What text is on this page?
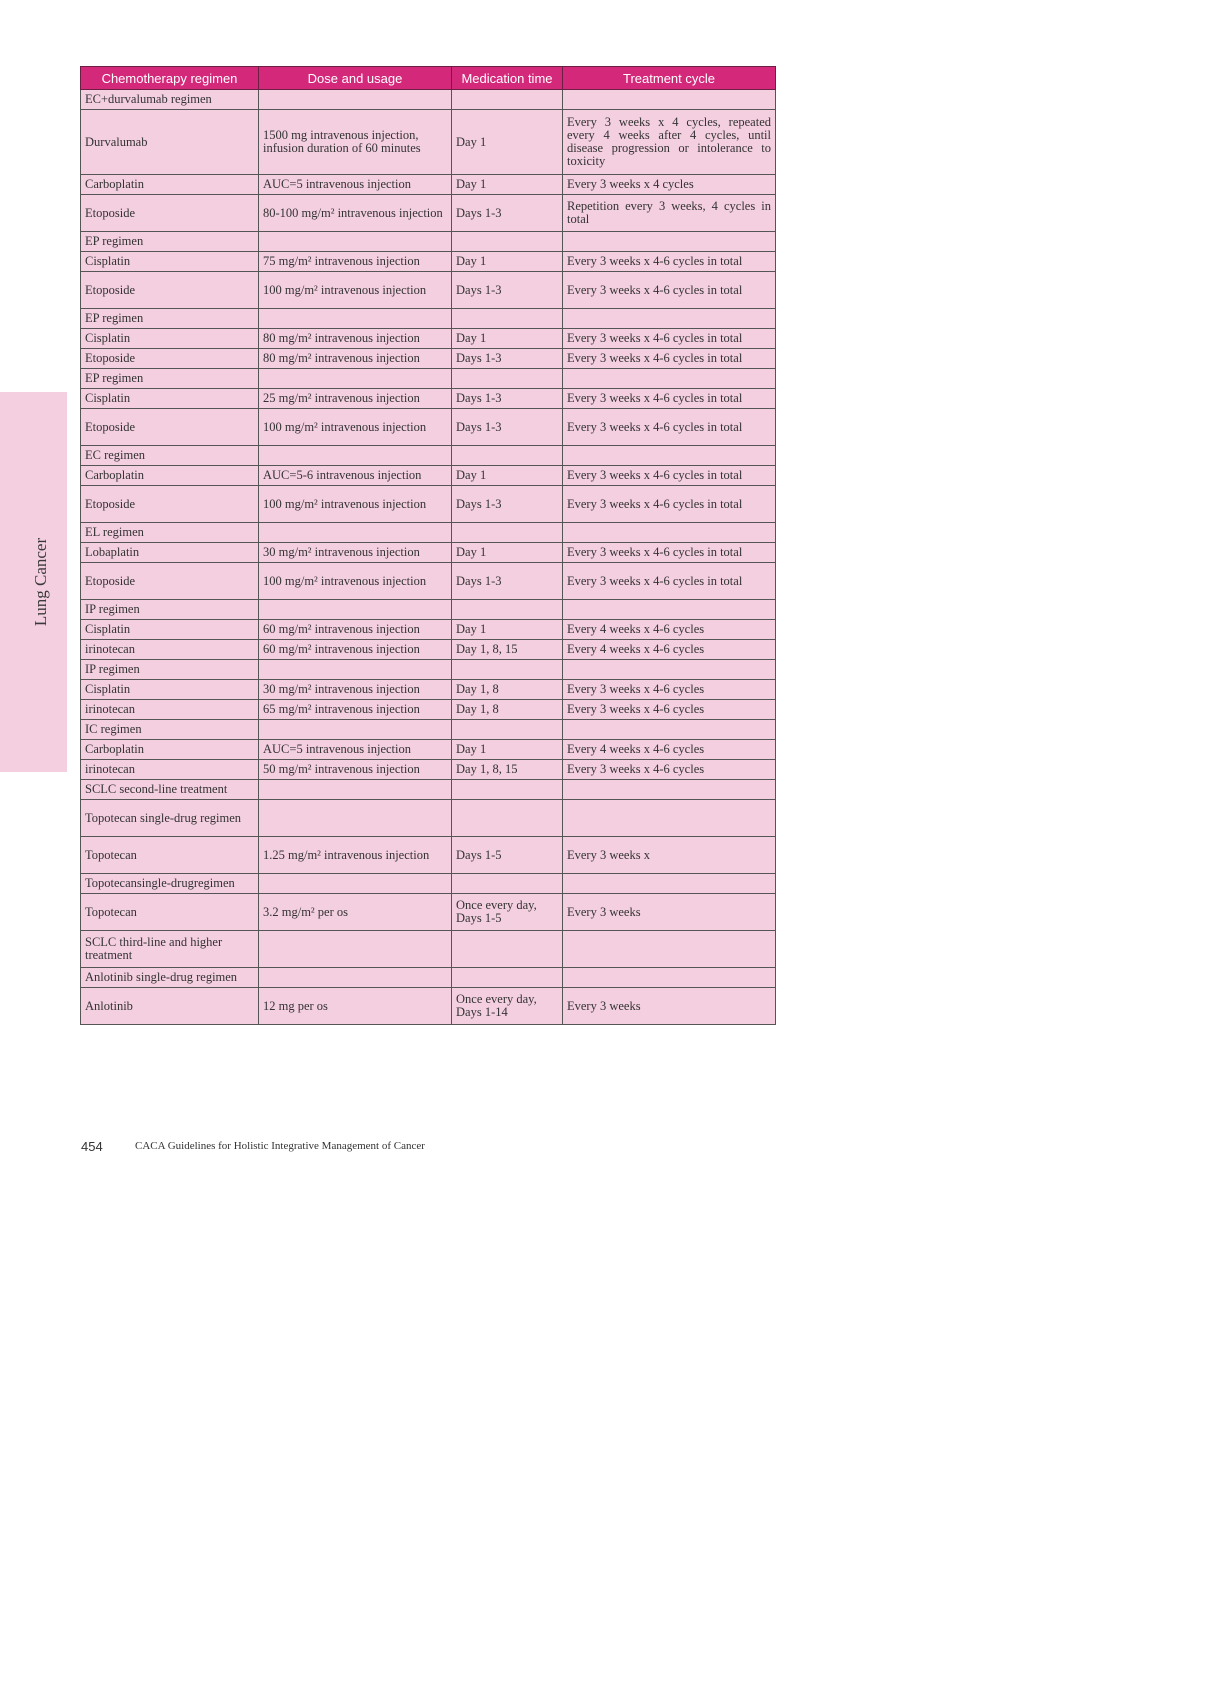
Lung Cancer
Chemotherapy regimen	Dose and usage	Medication time	Treatment cycle
EC+durvalumab regimen			
Durvalumab	1500 mg intravenous injection, infusion duration of 60 minutes	Day 1	Every 3 weeks x 4 cycles, repeated every 4 weeks after 4 cycles, until disease progression or intolerance to toxicity
Carboplatin	AUC=5 intravenous injection	Day 1	Every 3 weeks x 4 cycles
Etoposide	80-100 mg/m² intravenous injection	Days 1-3	Repetition every 3 weeks, 4 cycles in total
EP regimen			
Cisplatin	75 mg/m² intravenous injection	Day 1	Every 3 weeks x 4-6 cycles in total
Etoposide	100 mg/m² intravenous injection	Days 1-3	Every 3 weeks x 4-6 cycles in total
EP regimen			
Cisplatin	80 mg/m² intravenous injection	Day 1	Every 3 weeks x 4-6 cycles in total
Etoposide	80 mg/m² intravenous injection	Days 1-3	Every 3 weeks x 4-6 cycles in total
EP regimen			
Cisplatin	25 mg/m² intravenous injection	Days 1-3	Every 3 weeks x 4-6 cycles in total
Etoposide	100 mg/m² intravenous injection	Days 1-3	Every 3 weeks x 4-6 cycles in total
EC regimen			
Carboplatin	AUC=5-6 intravenous injection	Day 1	Every 3 weeks x 4-6 cycles in total
Etoposide	100 mg/m² intravenous injection	Days 1-3	Every 3 weeks x 4-6 cycles in total
EL regimen			
Lobaplatin	30 mg/m² intravenous injection	Day 1	Every 3 weeks x 4-6 cycles in total
Etoposide	100 mg/m² intravenous injection	Days 1-3	Every 3 weeks x 4-6 cycles in total
IP regimen			
Cisplatin	60 mg/m² intravenous injection	Day 1	Every 4 weeks x 4-6 cycles
irinotecan	60 mg/m² intravenous injection	Day 1, 8, 15	Every 4 weeks x 4-6 cycles
IP regimen			
Cisplatin	30 mg/m² intravenous injection	Day 1, 8	Every 3 weeks x 4-6 cycles
irinotecan	65 mg/m² intravenous injection	Day 1, 8	Every 3 weeks x 4-6 cycles
IC regimen			
Carboplatin	AUC=5 intravenous injection	Day 1	Every 4 weeks x 4-6 cycles
irinotecan	50 mg/m² intravenous injection	Day 1, 8, 15	Every 3 weeks x 4-6 cycles
SCLC second-line treatment			
Topotecan single-drug regimen			
Topotecan	1.25 mg/m² intravenous injection	Days 1-5	Every 3 weeks x
Topotecansingle-drugregimen			
Topotecan	3.2 mg/m² per os	Once every day, Days 1-5	Every 3 weeks
SCLC third-line and higher treatment			
Anlotinib single-drug regimen			
Anlotinib	12 mg per os	Once every day, Days 1-14	Every 3 weeks
454	CACA Guidelines for Holistic Integrative Management of Cancer
